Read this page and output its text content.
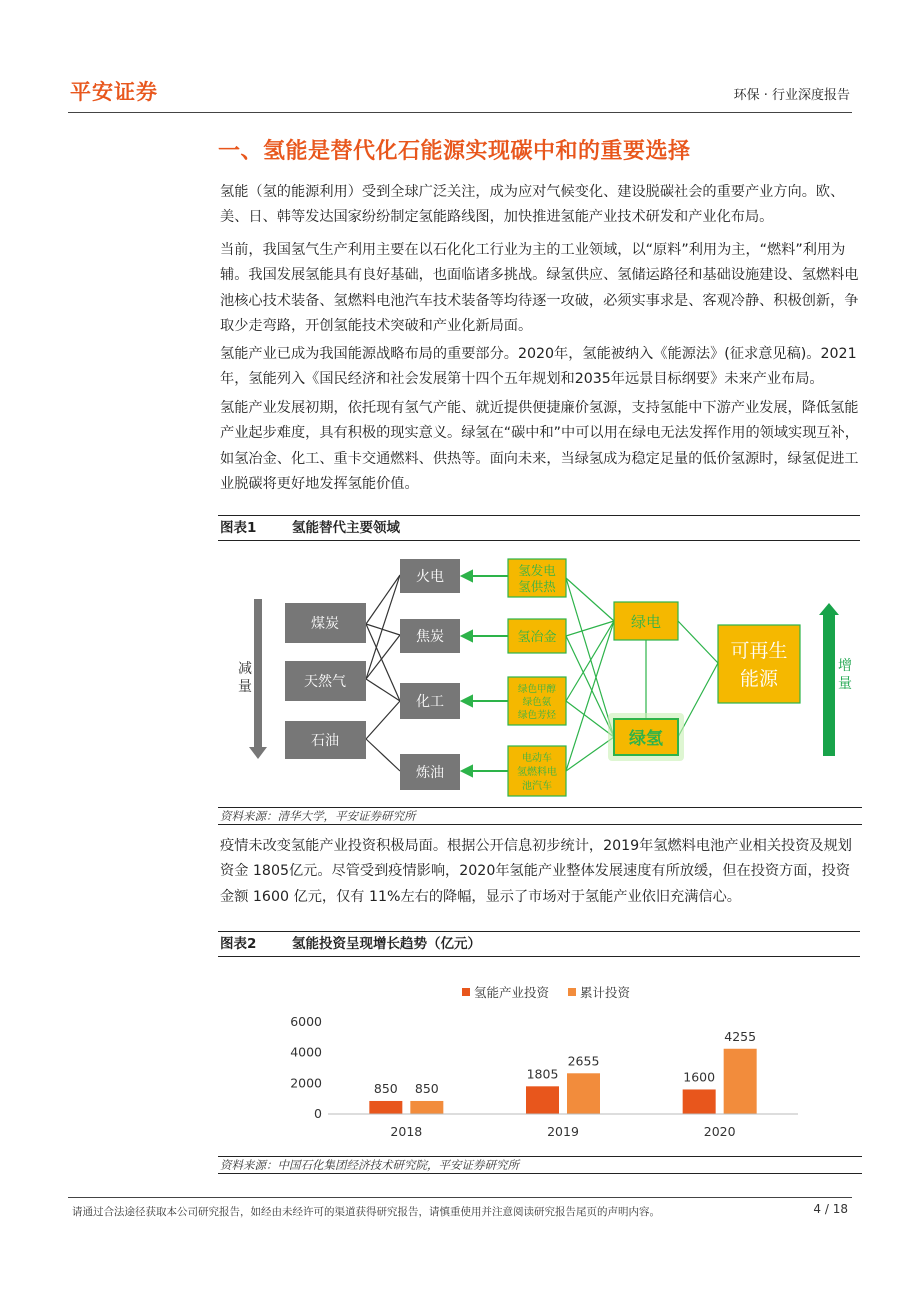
平安证券	环保 · 行业深度报告
一、氢能是替代化石能源实现碳中和的重要选择

氢能（氢的能源利用）受到全球广泛关注，成为应对气候变化、建设脱碳社会的重要产业方向。欧、美、日、韩等发达国家纷纷制定氢能路线图，加快推进氢能产业技术研发和产业化布局。

当前，我国氢气生产利用主要在以石化化工行业为主的工业领域，以“原料”利用为主，“燃料”利用为辅。我国发展氢能具有良好基础，也面临诸多挑战。绿氢供应、氢储运路径和基础设施建设、氢燃料电池核心技术装备、氢燃料电池汽车技术装备等均待逐一攻破，必须实事求是、客观冷静、积极创新，争取少走弯路，开创氢能技术突破和产业化新局面。

氢能产业已成为我国能源战略布局的重要部分。2020年，氢能被纳入《能源法》(征求意见稿)。2021年，氢能列入《国民经济和社会发展第十四个五年规划和2035年远景目标纲要》未来产业布局。

氢能产业发展初期，依托现有氢气产能、就近提供便捷廉价氢源，支持氢能中下游产业发展，降低氢能产业起步难度，具有积极的现实意义。绿氢在“碳中和”中可以用在绿电无法发挥作用的领域实现互补，如氢冶金、化工、重卡交通燃料、供热等。面向未来，当绿氢成为稳定足量的低价氢源时，绿氢促进工业脱碳将更好地发挥氢能价值。

图表1	氢能替代主要领域
减
量
煤炭
天然气
石油
火电
焦炭
化工
炼油
氢发电
氢供热
氢冶金
绿色甲醇
绿色氨
绿色芳烃
电动车
氢燃料电
池汽车
绿电
绿氢
可再生
能源
增
量
资料来源：清华大学，平安证券研究所

疫情未改变氢能产业投资积极局面。根据公开信息初步统计，2019年氢燃料电池产业相关投资及规划资金 1805亿元。尽管受到疫情影响，2020年氢能产业整体发展速度有所放缓，但在投资方面，投资金额 1600 亿元，仅有 11%左右的降幅，显示了市场对于氢能产业依旧充满信心。

图表2	氢能投资呈现增长趋势（亿元）
氢能产业投资 累计投资
0
2000
4000
6000
850 850
1805
2655
1600
4255
2018	2019	2020
资料来源：中国石化集团经济技术研究院，平安证券研究所
请通过合法途径获取本公司研究报告，如经由未经许可的渠道获得研究报告，请慎重使用并注意阅读研究报告尾页的声明内容。	4 / 18
